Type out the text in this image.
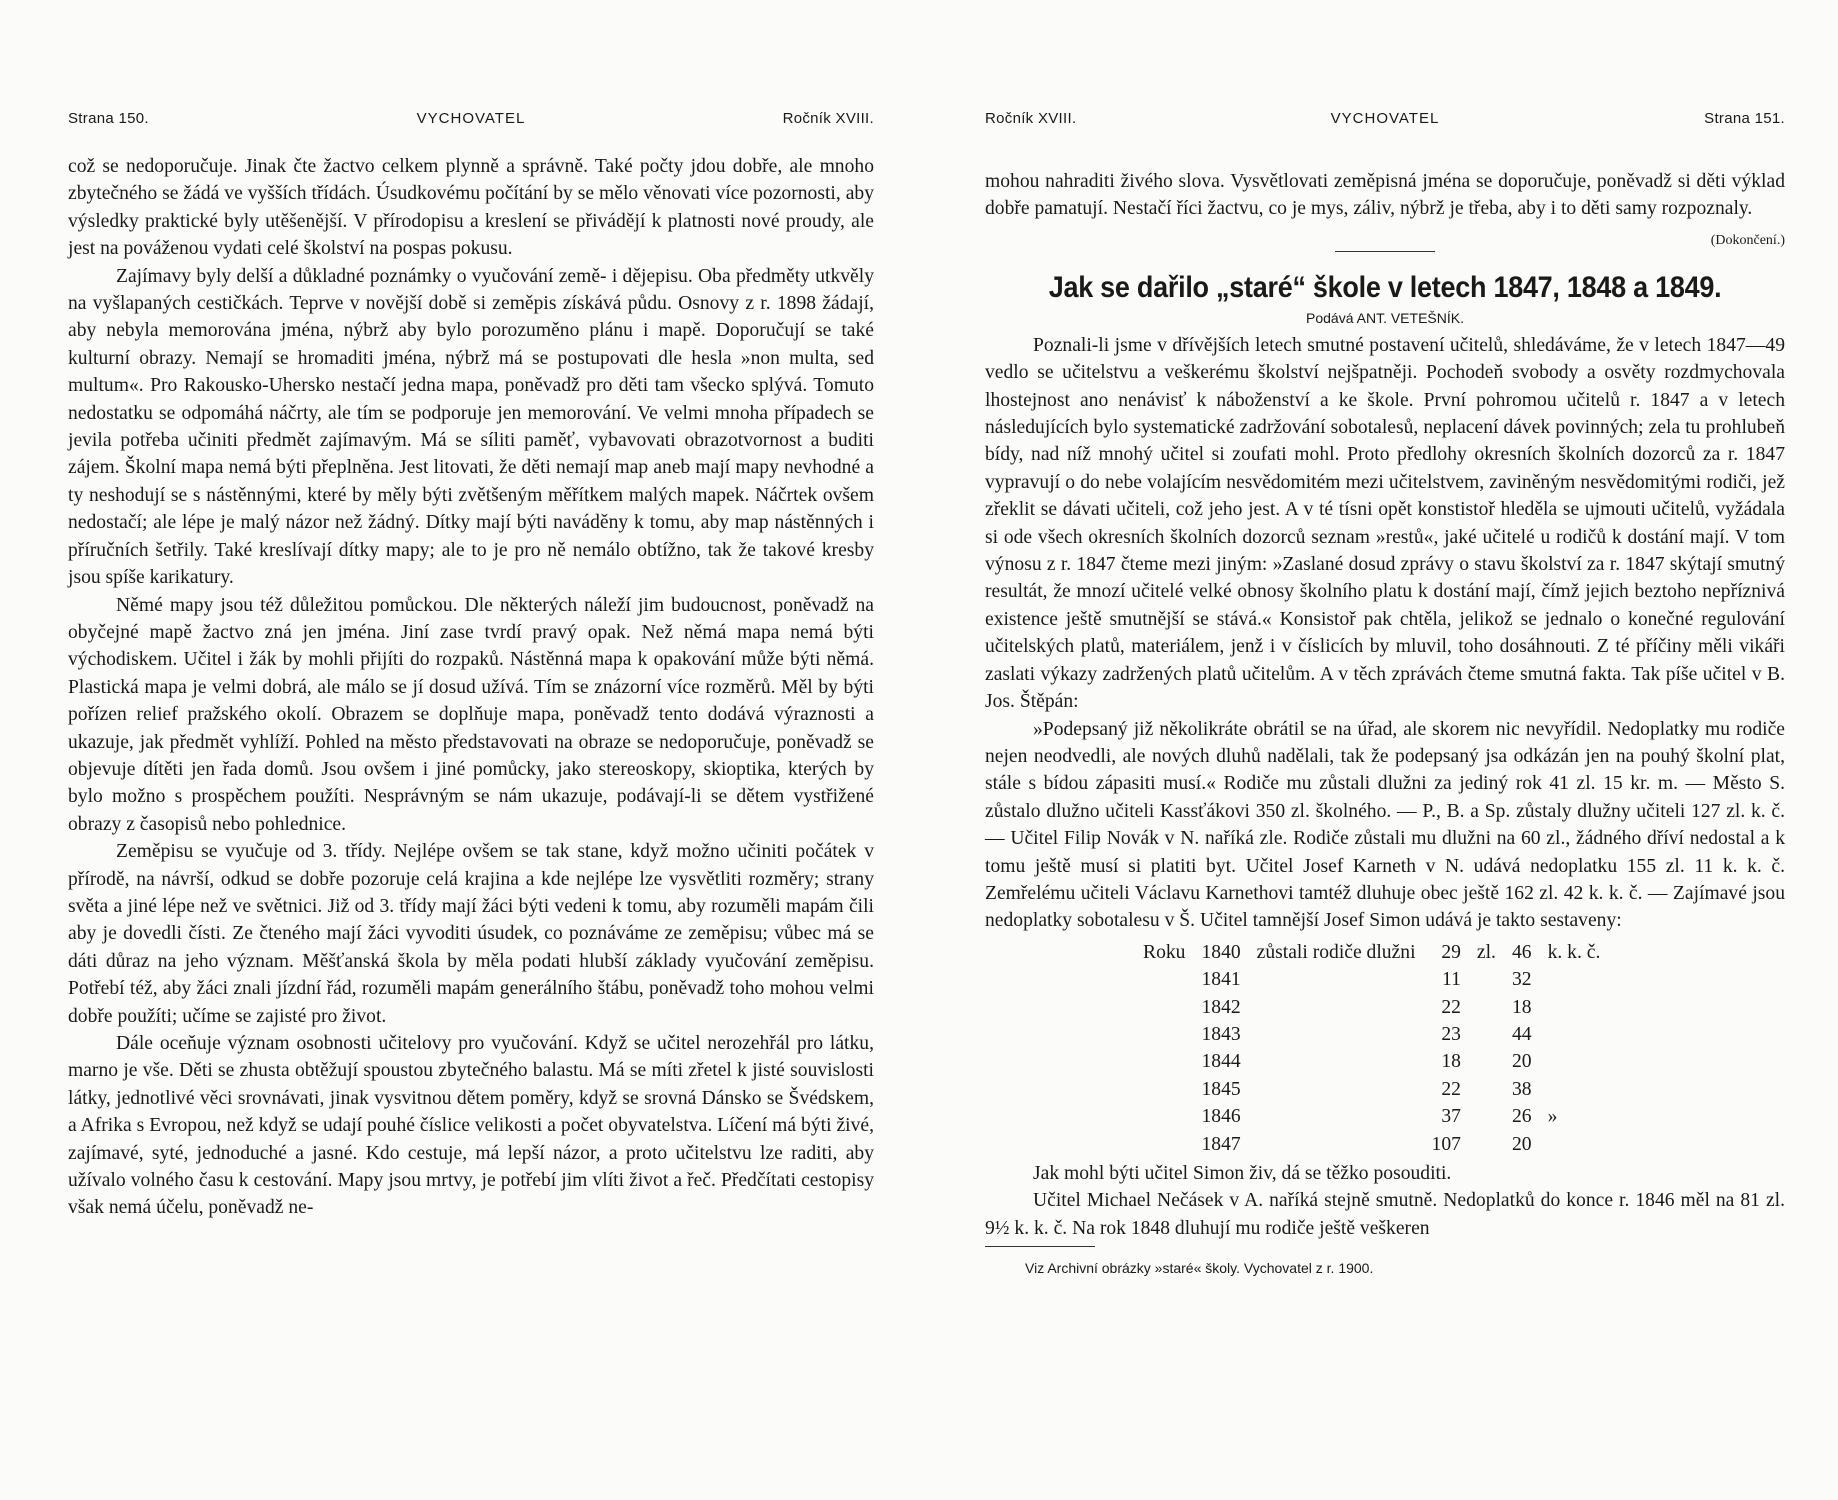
Strana 150.	VYCHOVATEL	Ročník XVIII.

což se nedoporučuje. Jinak čte žactvo celkem plynně a správně. Také počty jdou dobře, ale mnoho zbytečného se žádá ve vyšších třídách. Úsudkovému počítání by se mělo věnovati více pozornosti, aby výsledky praktické byly utěšenější. V přírodopisu a kreslení se přivádějí k platnosti nové proudy, ale jest na pováženou vydati celé školství na pospas pokusu.

Zajímavy byly delší a důkladné poznámky o vyučování země- i dějepisu. Oba předměty utkvěly na vyšlapaných cestičkách. Teprve v novější době si zeměpis získává půdu. Osnovy z r. 1898 žádají, aby nebyla memorována jména, nýbrž aby bylo porozuměno plánu i mapě. Doporučují se také kulturní obrazy. Nemají se hromaditi jména, nýbrž má se postupovati dle hesla »non multa, sed multum«. Pro Rakousko-Uhersko nestačí jedna mapa, poněvadž pro děti tam všecko splývá. Tomuto nedostatku se odpomáhá náčrty, ale tím se podporuje jen memorování. Ve velmi mnoha případech se jevila potřeba učiniti předmět zajímavým. Má se síliti paměť, vybavovati obrazotvornost a buditi zájem. Školní mapa nemá býti přeplněna. Jest litovati, že děti nemají map aneb mají mapy nevhodné a ty neshodují se s nástěnnými, které by měly býti zvětšeným měřítkem malých mapek. Náčrtek ovšem nedostačí; ale lépe je malý názor než žádný. Dítky mají býti naváděny k tomu, aby map nástěnných i příručních šetřily. Také kreslívají dítky mapy; ale to je pro ně nemálo obtížno, tak že takové kresby jsou spíše karikatury.

Němé mapy jsou též důležitou pomůckou. Dle některých náleží jim budoucnost, poněvadž na obyčejné mapě žactvo zná jen jména. Jiní zase tvrdí pravý opak. Než němá mapa nemá býti východiskem. Učitel i žák by mohli přijíti do rozpaků. Nástěnná mapa k opakování může býti němá. Plastická mapa je velmi dobrá, ale málo se jí dosud užívá. Tím se znázorní více rozměrů. Měl by býti pořízen relief pražského okolí. Obrazem se doplňuje mapa, poněvadž tento dodává výraznosti a ukazuje, jak předmět vyhlíží. Pohled na město představovati na obraze se nedoporučuje, poněvadž se objevuje dítěti jen řada domů. Jsou ovšem i jiné pomůcky, jako stereoskopy, skioptika, kterých by bylo možno s prospěchem použíti. Nesprávným se nám ukazuje, podávají-li se dětem vystřižené obrazy z časopisů nebo pohlednice.

Zeměpisu se vyučuje od 3. třídy. Nejlépe ovšem se tak stane, když možno učiniti počátek v přírodě, na návrší, odkud se dobře pozoruje celá krajina a kde nejlépe lze vysvětliti rozměry; strany světa a jiné lépe než ve světnici. Již od 3. třídy mají žáci býti vedeni k tomu, aby rozuměli mapám čili aby je dovedli čísti. Ze čteného mají žáci vyvoditi úsudek, co poznáváme ze zeměpisu; vůbec má se dáti důraz na jeho význam. Měšťanská škola by měla podati hlubší základy vyučování zeměpisu. Potřebí též, aby žáci znali jízdní řád, rozuměli mapám generálního štábu, poněvadž toho mohou velmi dobře použíti; učíme se zajisté pro život.

Dále oceňuje význam osobnosti učitelovy pro vyučování. Když se učitel nerozehřál pro látku, marno je vše. Děti se zhusta obtěžují spoustou zbytečného balastu. Má se míti zřetel k jisté souvislosti látky, jednotlivé věci srovnávati, jinak vysvitnou dětem poměry, když se srovná Dánsko se Švédskem, a Afrika s Evropou, než když se udají pouhé číslice velikosti a počet obyvatelstva. Líčení má býti živé, zajímavé, syté, jednoduché a jasné. Kdo cestuje, má lepší názor, a proto učitelstvu lze raditi, aby užívalo volného času k cestování. Mapy jsou mrtvy, je potřebí jim vlíti život a řeč. Předčítati cestopisy však nemá účelu, poněvadž ne-

Ročník XVIII.	VYCHOVATEL	Strana 151.

mohou nahraditi živého slova. Vysvětlovati zeměpisná jména se doporučuje, poněvadž si děti výklad dobře pamatují. Nestačí říci žactvu, co je mys, záliv, nýbrž je třeba, aby i to děti samy rozpoznaly.
(Dokončení.)

Jak se dařilo „staré“ škole v letech 1847, 1848 a 1849.
Podává ANT. VETEŠNÍK.

Poznali-li jsme v dřívějších letech smutné postavení učitelů, shledáváme, že v letech 1847—49 vedlo se učitelstvu a veškerému školství nejšpatněji. Pochodeň svobody a osvěty rozdmychovala lhostejnost ano nenávisť k náboženství a ke škole. První pohromou učitelů r. 1847 a v letech následujících bylo systematické zadržování sobotalesů, neplacení dávek povinných; zela tu prohlubeň bídy, nad níž mnohý učitel si zoufati mohl. Proto předlohy okresních školních dozorců za r. 1847 vypravují o do nebe volajícím nesvědomitém mezi učitelstvem, zaviněným nesvědomitými rodiči, jež zřeklit se dávati učiteli, což jeho jest. A v té tísni opět konstistoř hleděla se ujmouti učitelů, vyžádala si ode všech okresních školních dozorců seznam »restů«, jaké učitelé u rodičů k dostání mají. V tom výnosu z r. 1847 čteme mezi jiným: »Zaslané dosud zprávy o stavu školství za r. 1847 skýtají smutný resultát, že mnozí učitelé velké obnosy školního platu k dostání mají, čímž jejich beztoho nepříznivá existence ještě smutnější se stává.« Konsistoř pak chtěla, jelikož se jednalo o konečné regulování učitelských platů, materiálem, jenž i v číslicích by mluvil, toho dosáhnouti. Z té příčiny měli vikáři zaslati výkazy zadržených platů učitelům. A v těch zprávách čteme smutná fakta. Tak píše učitel v B. Jos. Štěpán:

»Podepsaný již několikráte obrátil se na úřad, ale skorem nic nevyřídil. Nedoplatky mu rodiče nejen neodvedli, ale nových dluhů nadělali, tak že podepsaný jsa odkázán jen na pouhý školní plat, stále s bídou zápasiti musí.« Rodiče mu zůstali dlužni za jediný rok 41 zl. 15 kr. m. — Město S. zůstalo dlužno učiteli Kassťákovi 350 zl. školného. — P., B. a Sp. zůstaly dlužny učiteli 127 zl. k. č. — Učitel Filip Novák v N. naříká zle. Rodiče zůstali mu dlužni na 60 zl., žádného dříví nedostal a k tomu ještě musí si platiti byt. Učitel Josef Karneth v N. udává nedoplatku 155 zl. 11 k. k. č. Zemřelému učiteli Václavu Karnethovi tamtéž dluhuje obec ještě 162 zl. 42 k. k. č. — Zajímavé jsou nedoplatky sobotalesu v Š. Učitel tamnější Josef Simon udává je takto sestaveny:

Roku	1840	zůstali rodiče dlužni	29	zl.	46	k. k. č.
	1841		11		32	
	1842		22		18	
	1843		23		44	
	1844		18		20	
	1845		22		38	
	1846		37		26	»
	1847		107		20	

Jak mohl býti učitel Simon živ, dá se těžko posouditi.

Učitel Michael Nečásek v A. naříká stejně smutně. Nedoplatků do konce r. 1846 měl na 81 zl. 9½ k. k. č. Na rok 1848 dluhují mu rodiče ještě veškeren

Viz Archivní obrázky »staré« školy. Vychovatel z r. 1900.
